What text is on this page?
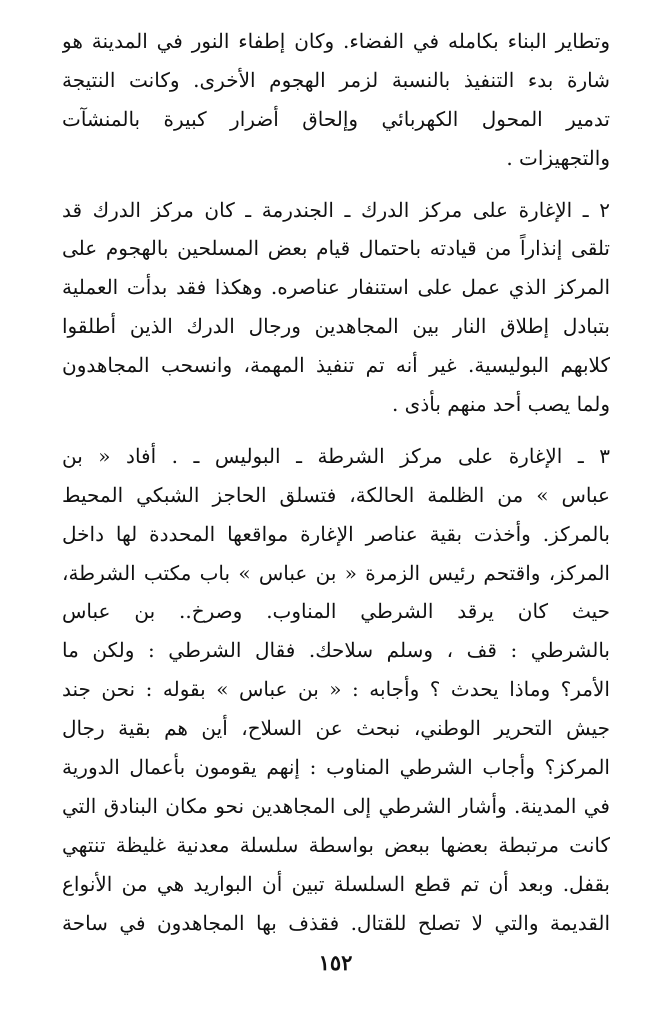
وتطاير البناء بكامله في الفضاء. وكان إطفاء النور في المدينة هو
شارة بدء التنفيذ بالنسبة لزمر الهجوم الأخرى. وكانت النتيجة
تدمير المحول الكهربائي وإلحاق أضرار كبيرة بالمنشآت
والتجهيزات .
٢ ـ الإغارة على مركز الدرك ـ الجندرمة ـ كان مركز الدرك قد
تلقى إنذاراً من قيادته باحتمال قيام بعض المسلحين بالهجوم على
المركز الذي عمل على استنفار عناصره. وهكذا فقد بدأت العملية
بتبادل إطلاق النار بين المجاهدين ورجال الدرك الذين أطلقوا
كلابهم البوليسية. غير أنه تم تنفيذ المهمة، وانسحب المجاهدون
ولما يصب أحد منهم بأذى .
٣ ـ الإغارة على مركز الشرطة ـ البوليس ـ . أفاد « بن
عباس » من الظلمة الحالكة، فتسلق الحاجز الشبكي المحيط
بالمركز. وأخذت بقية عناصر الإغارة مواقعها المحددة لها داخل
المركز، واقتحم رئيس الزمرة « بن عباس » باب مكتب الشرطة،
حيث كان يرقد الشرطي المناوب. وصرخ.. بن عباس
بالشرطي : قف ، وسلم سلاحك. فقال الشرطي : ولكن ما
الأمر؟ وماذا يحدث ؟ وأجابه : « بن عباس » بقوله : نحن جند
جيش التحرير الوطني، نبحث عن السلاح، أين هم بقية رجال
المركز؟ وأجاب الشرطي المناوب : إنهم يقومون بأعمال الدورية
في المدينة. وأشار الشرطي إلى المجاهدين نحو مكان البنادق التي
كانت مرتبطة بعضها ببعض بواسطة سلسلة معدنية غليظة تنتهي
بقفل. وبعد أن تم قطع السلسلة تبين أن البواريد هي من الأنواع
القديمة والتي لا تصلح للقتال. فقذف بها المجاهدون في ساحة
١٥٢
